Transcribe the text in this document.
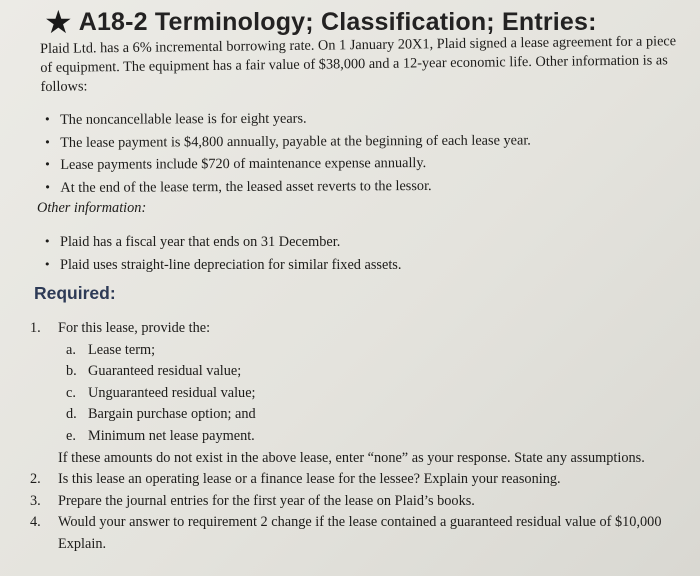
★ A18-2 Terminology; Classification; Entries:

Plaid Ltd. has a 6% incremental borrowing rate. On 1 January 20X1, Plaid signed a lease agreement for a piece of equipment. The equipment has a fair value of $38,000 and a 12-year economic life. Other information is as follows:

• The noncancellable lease is for eight years.
• The lease payment is $4,800 annually, payable at the beginning of each lease year.
• Lease payments include $720 of maintenance expense annually.
• At the end of the lease term, the leased asset reverts to the lessor.
Other information:
• Plaid has a fiscal year that ends on 31 December.
• Plaid uses straight-line depreciation for similar fixed assets.
Required:
1.	For this lease, provide the:
a. Lease term;
b. Guaranteed residual value;
c. Unguaranteed residual value;
d. Bargain purchase option; and
e. Minimum net lease payment.
If these amounts do not exist in the above lease, enter “none” as your response. State any assumptions.
2.	Is this lease an operating lease or a finance lease for the lessee? Explain your reasoning.
3.	Prepare the journal entries for the first year of the lease on Plaid’s books.
4.	Would your answer to requirement 2 change if the lease contained a guaranteed residual value of $10,000
Explain.
